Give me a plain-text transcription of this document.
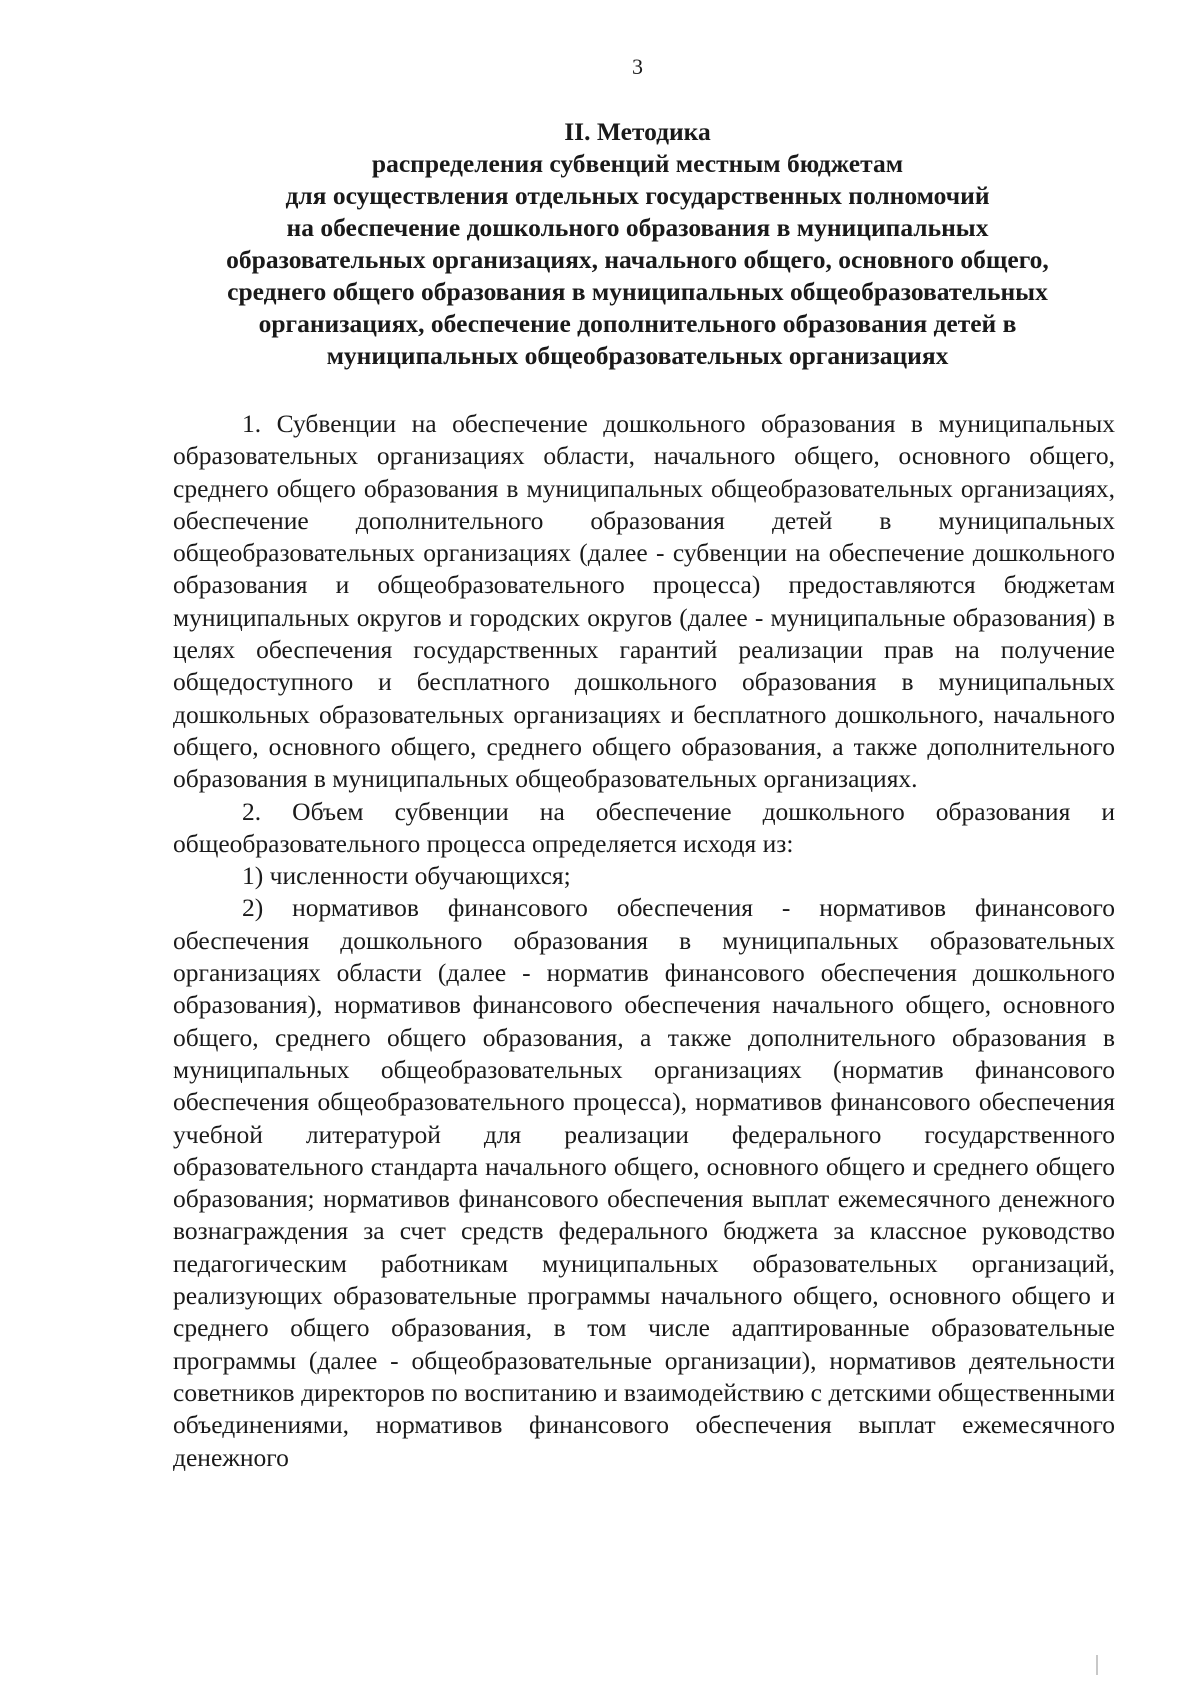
3
II. Методика
распределения субвенций местным бюджетам
для осуществления отдельных государственных полномочий
на обеспечение дошкольного образования в муниципальных
образовательных организациях, начального общего, основного общего,
среднего общего образования в муниципальных общеобразовательных
организациях, обеспечение дополнительного образования детей в
муниципальных общеобразовательных организациях

1. Субвенции на обеспечение дошкольного образования в муниципальных образовательных организациях области, начального общего, основного общего, среднего общего образования в муниципальных общеобразовательных организациях, обеспечение дополнительного образования детей в муниципальных общеобразовательных организациях (далее - субвенции на обеспечение дошкольного образования и общеобразовательного процесса) предоставляются бюджетам муниципальных округов и городских округов (далее - муниципальные образования) в целях обеспечения государственных гарантий реализации прав на получение общедоступного и бесплатного дошкольного образования в муниципальных дошкольных образовательных организациях и бесплатного дошкольного, начального общего, основного общего, среднего общего образования, а также дополнительного образования в муниципальных общеобразовательных организациях.

2. Объем субвенции на обеспечение дошкольного образования и общеобразовательного процесса определяется исходя из:

1) численности обучающихся;

2) нормативов финансового обеспечения - нормативов финансового обеспечения дошкольного образования в муниципальных образовательных организациях области (далее - норматив финансового обеспечения дошкольного образования), нормативов финансового обеспечения начального общего, основного общего, среднего общего образования, а также дополнительного образования в муниципальных общеобразовательных организациях (норматив финансового обеспечения общеобразовательного процесса), нормативов финансового обеспечения учебной литературой для реализации федерального государственного образовательного стандарта начального общего, основного общего и среднего общего образования; нормативов финансового обеспечения выплат ежемесячного денежного вознаграждения за счет средств федерального бюджета за классное руководство педагогическим работникам муниципальных образовательных организаций, реализующих образовательные программы начального общего, основного общего и среднего общего образования, в том числе адаптированные образовательные программы (далее - общеобразовательные организации), нормативов деятельности советников директоров по воспитанию и взаимодействию с детскими общественными объединениями, нормативов финансового обеспечения выплат ежемесячного денежного
